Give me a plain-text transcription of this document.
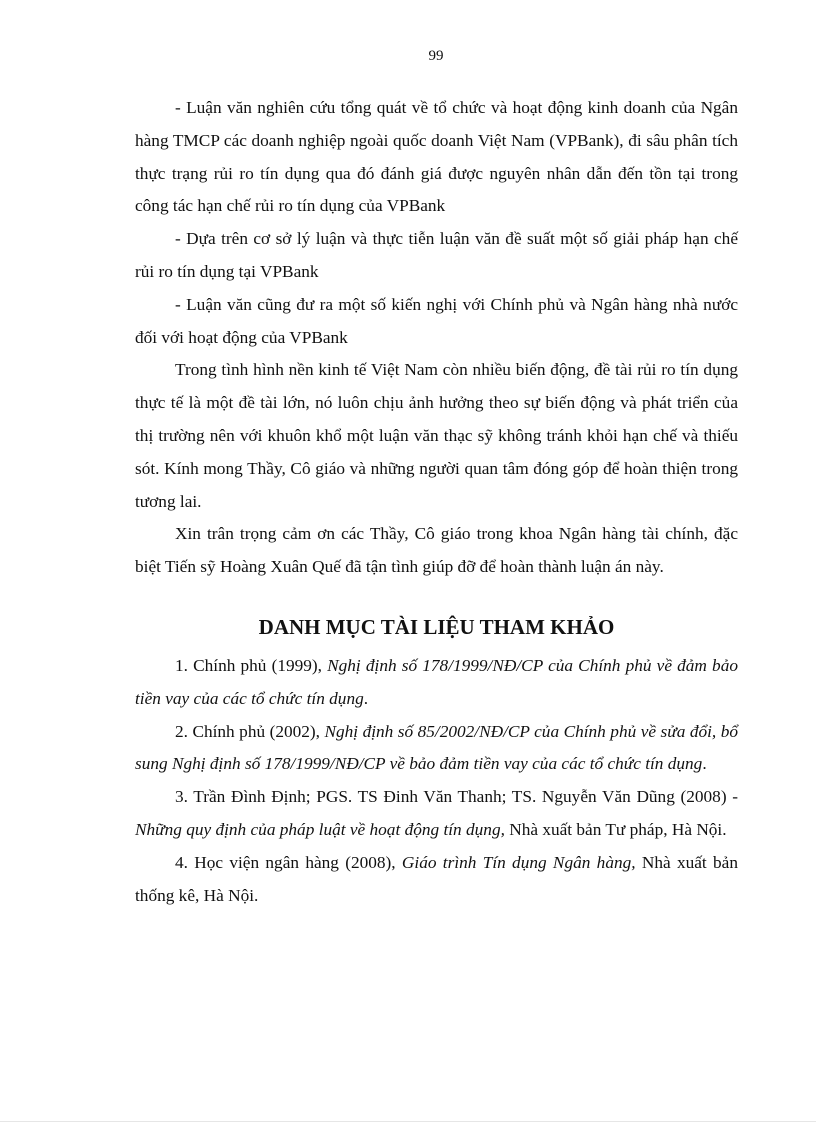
99

- Luận văn nghiên cứu tổng quát về tổ chức và hoạt động kinh doanh của Ngân hàng TMCP các doanh nghiệp ngoài quốc doanh Việt Nam (VPBank), đi sâu phân tích thực trạng rủi ro tín dụng qua đó đánh giá được nguyên nhân dẫn đến tồn tại trong công tác hạn chế rủi ro tín dụng của VPBank

- Dựa trên cơ sở lý luận và thực tiễn luận văn đề suất một số giải pháp hạn chế rủi ro tín dụng tại VPBank

- Luận văn cũng đư ra một số kiến nghị với Chính phủ và Ngân hàng nhà nước đối với hoạt động của VPBank

Trong tình hình nền kinh tế Việt Nam còn nhiều biến động, đề tài rủi ro tín dụng thực tế là một đề tài lớn, nó luôn chịu ảnh hưởng theo sự biến động và phát triển của thị trường nên với khuôn khổ một luận văn thạc sỹ không tránh khỏi hạn chế và thiếu sót. Kính mong Thầy, Cô giáo và những người quan tâm đóng góp để hoàn thiện trong tương lai.

Xin trân trọng cảm ơn các Thầy, Cô giáo trong khoa Ngân hàng tài chính, đặc biệt Tiến sỹ Hoàng Xuân Quế đã tận tình giúp đỡ để hoàn thành luận án này.

DANH MỤC TÀI LIỆU THAM KHẢO

1. Chính phủ (1999), Nghị định số 178/1999/NĐ/CP của Chính phủ về đảm bảo tiền vay của các tổ chức tín dụng.

2. Chính phủ (2002), Nghị định số 85/2002/NĐ/CP của Chính phủ về sửa đổi, bổ sung Nghị định số 178/1999/NĐ/CP về bảo đảm tiền vay của các tổ chức tín dụng.

3. Trần Đình Định; PGS. TS Đinh Văn Thanh; TS. Nguyễn Văn Dũng (2008) - Những quy định của pháp luật về hoạt động tín dụng, Nhà xuất bản Tư pháp, Hà Nội.

4. Học viện ngân hàng (2008), Giáo trình Tín dụng Ngân hàng, Nhà xuất bản thống kê, Hà Nội.
